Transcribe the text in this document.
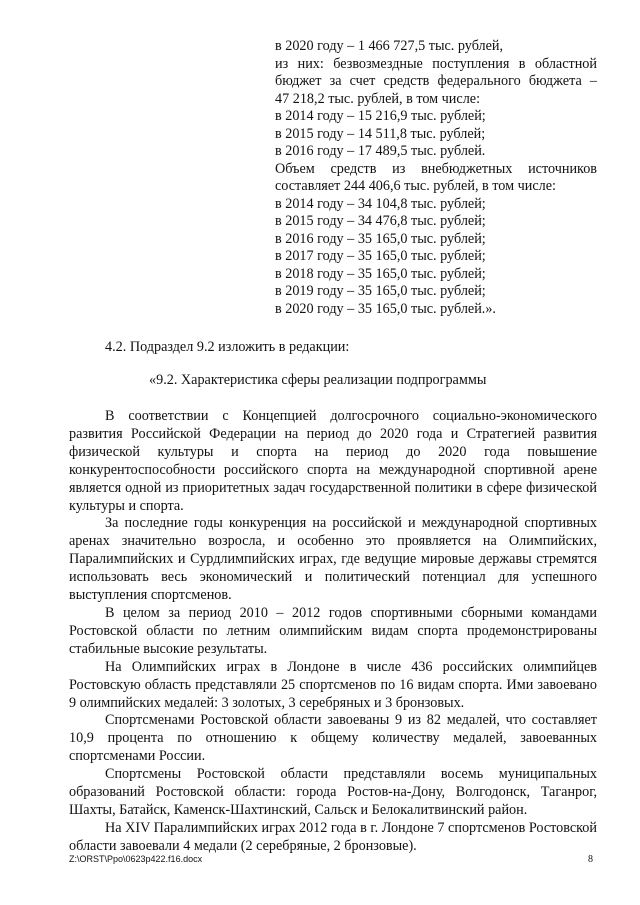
в 2020 году – 1 466 727,5 тыс. рублей,
из них: безвозмездные поступления в областной
бюджет за счет средств федерального бюджета –
47 218,2 тыс. рублей, в том числе:
в 2014 году – 15 216,9 тыс. рублей;
в 2015 году – 14 511,8 тыс. рублей;
в 2016 году – 17 489,5 тыс. рублей.
Объем средств из внебюджетных источников
составляет 244 406,6 тыс. рублей, в том числе:
в 2014 году – 34 104,8 тыс. рублей;
в 2015 году – 34 476,8 тыс. рублей;
в 2016 году – 35 165,0 тыс. рублей;
в 2017 году – 35 165,0 тыс. рублей;
в 2018 году – 35 165,0 тыс. рублей;
в 2019 году – 35 165,0 тыс. рублей;
в 2020 году – 35 165,0 тыс. рублей.».
4.2. Подраздел 9.2 изложить в редакции:
«9.2. Характеристика сферы реализации подпрограммы

В соответствии с Концепцией долгосрочного социально-экономического развития Российской Федерации на период до 2020 года и Стратегией развития физической культуры и спорта на период до 2020 года повышение конкурентоспособности российского спорта на международной спортивной арене является одной из приоритетных задач государственной политики в сфере физической культуры и спорта.

За последние годы конкуренция на российской и международной спортивных аренах значительно возросла, и особенно это проявляется на Олимпийских, Паралимпийских и Сурдлимпийских играх, где ведущие мировые державы стремятся использовать весь экономический и политический потенциал для успешного выступления спортсменов.

В целом за период 2010 – 2012 годов спортивными сборными командами Ростовской области по летним олимпийским видам спорта продемонстрированы стабильные высокие результаты.

На Олимпийских играх в Лондоне в числе 436 российских олимпийцев Ростовскую область представляли 25 спортсменов по 16 видам спорта. Ими завоевано 9 олимпийских медалей: 3 золотых, 3 серебряных и 3 бронзовых.

Спортсменами Ростовской области завоеваны 9 из 82 медалей, что составляет 10,9 процента по отношению к общему количеству медалей, завоеванных спортсменами России.

Спортсмены Ростовской области представляли восемь муниципальных образований Ростовской области: города Ростов-на-Дону, Волгодонск, Таганрог, Шахты, Батайск, Каменск-Шахтинский, Сальск и Белокалитвинский район.

На XIV Паралимпийских играх 2012 года в г. Лондоне 7 спортсменов Ростовской области завоевали 4 медали (2 серебряные, 2 бронзовые).

Z:\ORST\Ppo\0623p422.f16.docx	8
